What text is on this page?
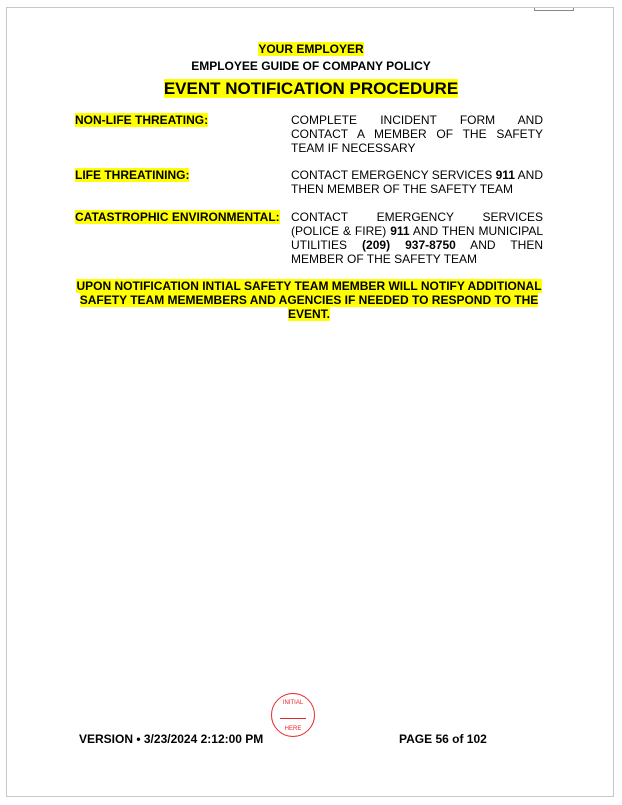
YOUR EMPLOYER
EMPLOYEE GUIDE OF COMPANY POLICY
EVENT NOTIFICATION PROCEDURE
NON-LIFE THREATING:	COMPLETE INCIDENT FORM AND CONTACT A MEMBER OF THE SAFETY TEAM IF NECESSARY
LIFE THREATINING:	CONTACT EMERGENCY SERVICES 911 AND THEN MEMBER OF THE SAFETY TEAM
CATASTROPHIC ENVIRONMENTAL: CONTACT EMERGENCY SERVICES (POLICE & FIRE) 911 AND THEN MUNICIPAL UTILITIES (209) 937-8750 AND THEN MEMBER OF THE SAFETY TEAM
UPON NOTIFICATION INTIAL SAFETY TEAM MEMBER WILL NOTIFY ADDITIONAL SAFETY TEAM MEMEMBERS AND AGENCIES IF NEEDED TO RESPOND TO THE EVENT.
INITIAL
HERE
VERSION • 3/23/2024 2:12:00 PM	PAGE 56 of 102
